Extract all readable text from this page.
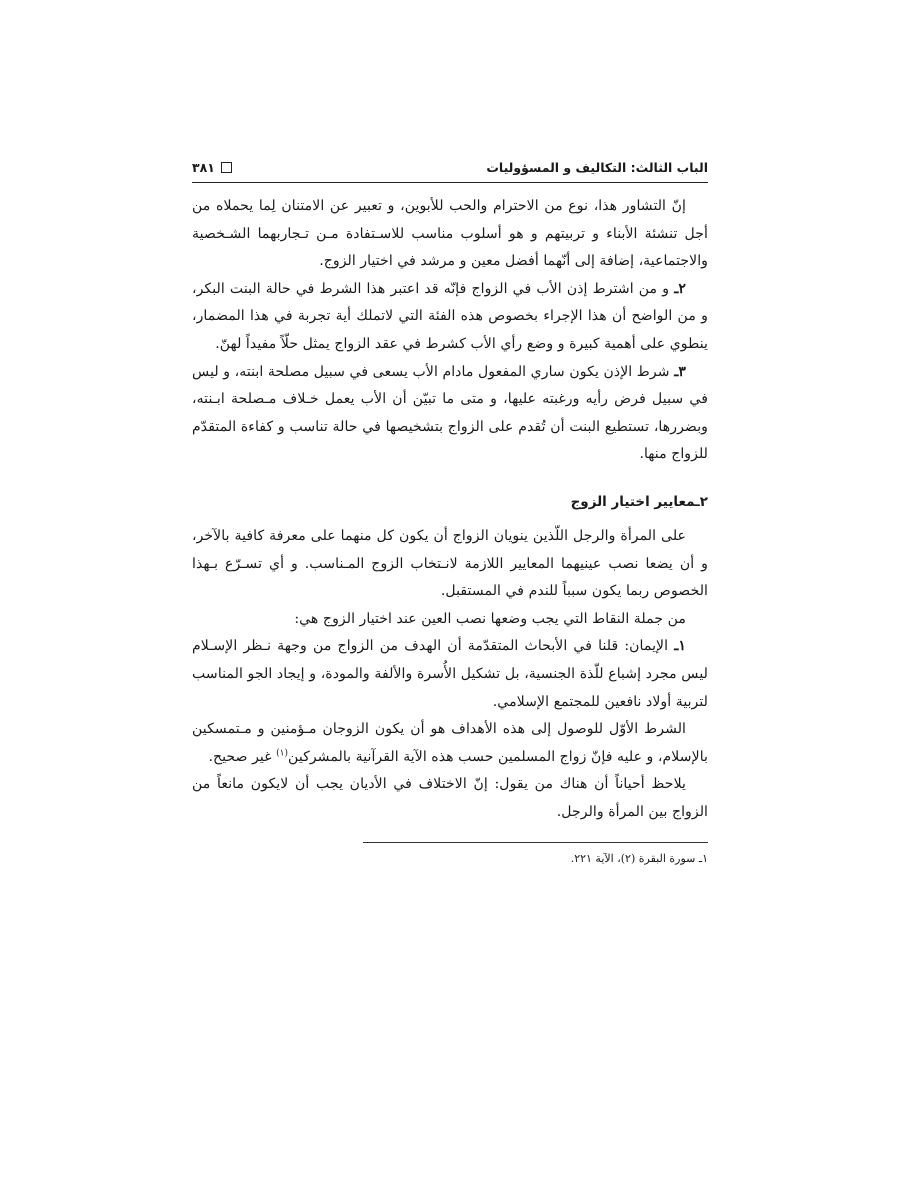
الباب الثالث: التكاليف و المسؤوليات
٣٨١

إنّ التشاور هذا، نوع من الاحترام والحب للأبوين، و تعبير عن الامتنان لِما يحملاه من أجل تنشئة الأبناء و تربيتهم و هو أسلوب مناسب للاسـتفادة مـن تـجاربهما الشـخصية والاجتماعية، إضافة إلى أنّهما أفضل معين و مرشد في اختيار الزوج.

٢ـ و من اشترط إذن الأب في الزواج فإنّه قد اعتبر هذا الشرط في حالة البنت البكر، و من الواضح أن هذا الإجراء بخصوص هذه الفئة التي لاتملك أية تجربة في هذا المضمار، ينطوي على أهمية كبيرة و وضع رأي الأب كشرط في عقد الزواج يمثل حلّاً مفيداً لهنّ.

٣ـ شرط الإذن يكون ساري المفعول مادام الأب يسعى في سبيل مصلحة ابنته، و ليس في سبيل فرض رأيه ورغبته عليها، و متى ما تبيّن أن الأب يعمل خـلاف مـصلحة ابـنته، وبضررها، تستطيع البنت أن تُقدم على الزواج بتشخيصها في حالة تناسب و كفاءة المتقدّم للزواج منها.

٢ـمعايير اختيار الزوج

على المرأة والرجل اللّذين ينويان الزواج أن يكون كل منهما على معرفة كافية بالآخر، و أن يضعا نصب عينيهما المعايير اللازمة لانـتخاب الزوج المـناسب. و أي تسـرّع بـهذا الخصوص ربما يكون سبباً للندم في المستقبل.

من جملة النقاط التي يجب وضعها نصب العين عند اختيار الزوج هي:

١ـ الإيمان: قلنا في الأبحاث المتقدّمة أن الهدف من الزواج من وجهة نـظر الإسـلام ليس مجرد إشباع للّذة الجنسية، بل تشكيل الأُسرة والألفة والمودة، و إيجاد الجو المناسب لتربية أولاد نافعين للمجتمع الإسلامي.

الشرط الأوّل للوصول إلى هذه الأهداف هو أن يكون الزوجان مـؤمنين و مـتمسكين بالإسلام، و عليه فإنّ زواج المسلمين حسب هذه الآية القرآنية بالمشركين$^{(١)}$ غير صحيح.

يلاحظ أحياناً أن هناك من يقول: إنّ الاختلاف في الأديان يجب أن لايكون مانعاً من الزواج بين المرأة والرجل.

١ـ سورة البقرة (٢)، الآية ٢٢١.
